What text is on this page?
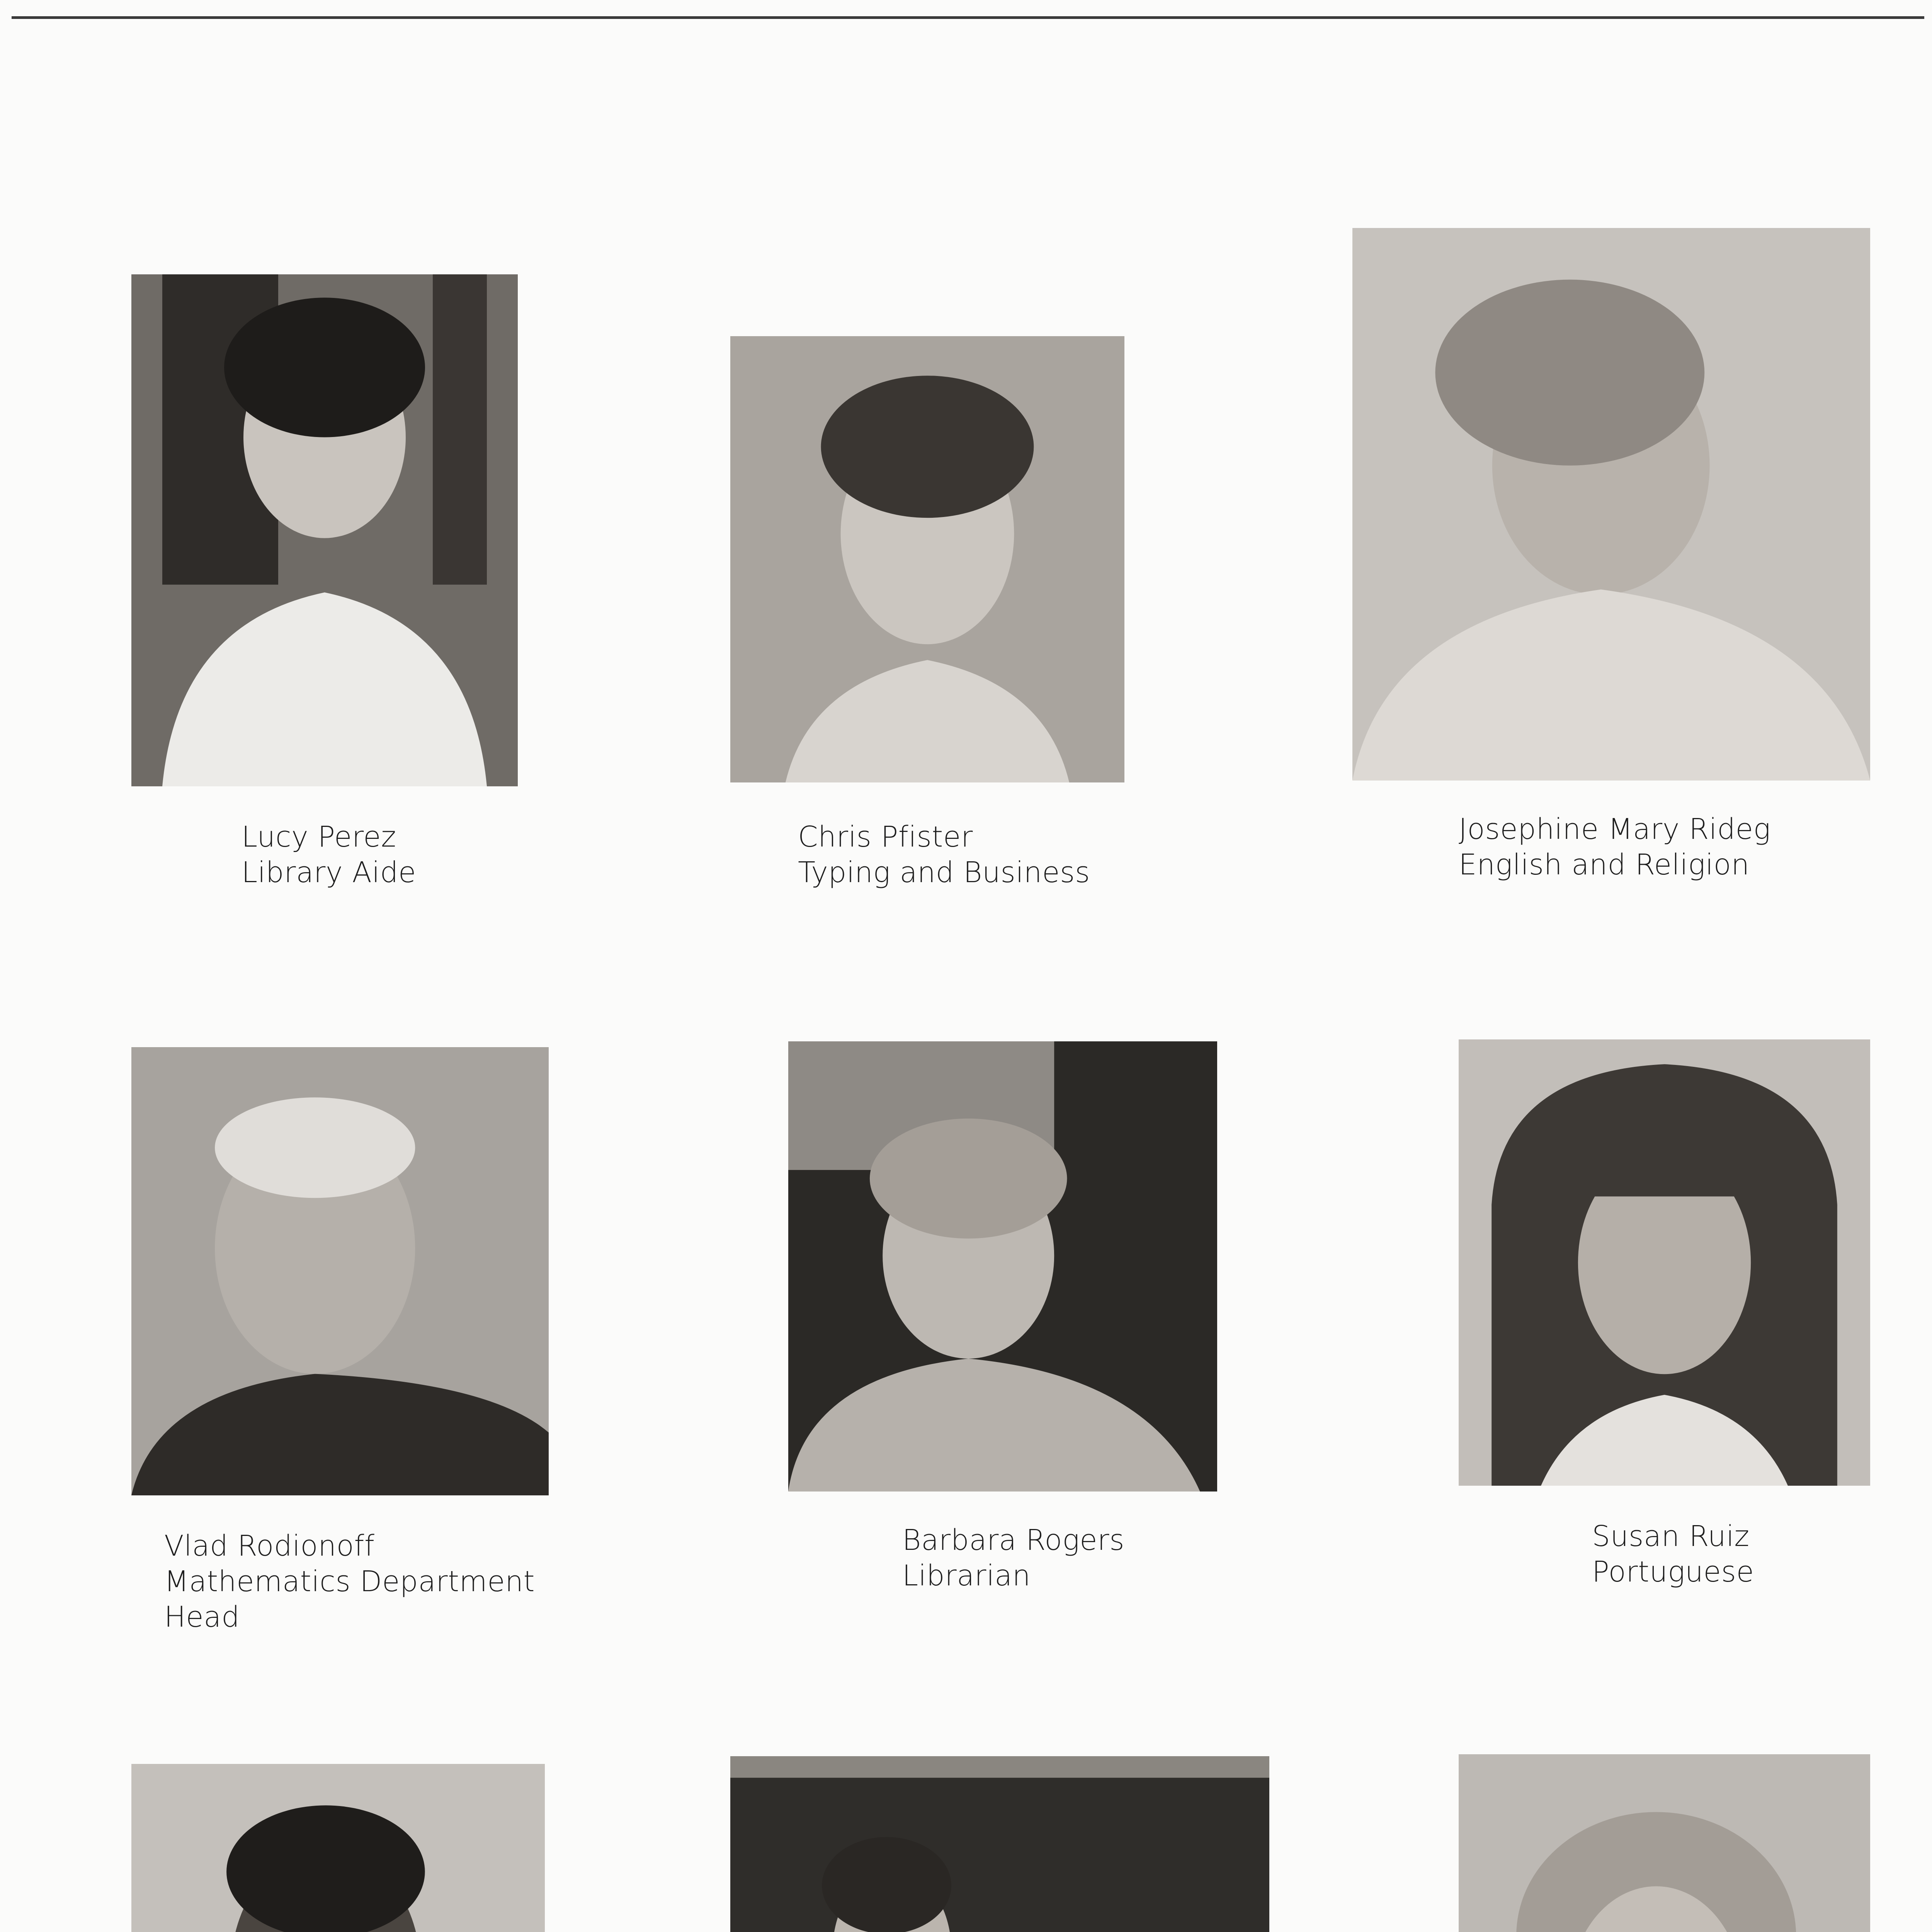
Lucy Perez
Library Aide
Chris Pfister
Typing and Business
Josephine Mary Rideg
English and Religion
Vlad Rodionoff
Mathematics Department
Head
Barbara Rogers
Librarian
Susan Ruiz
Portuguese
